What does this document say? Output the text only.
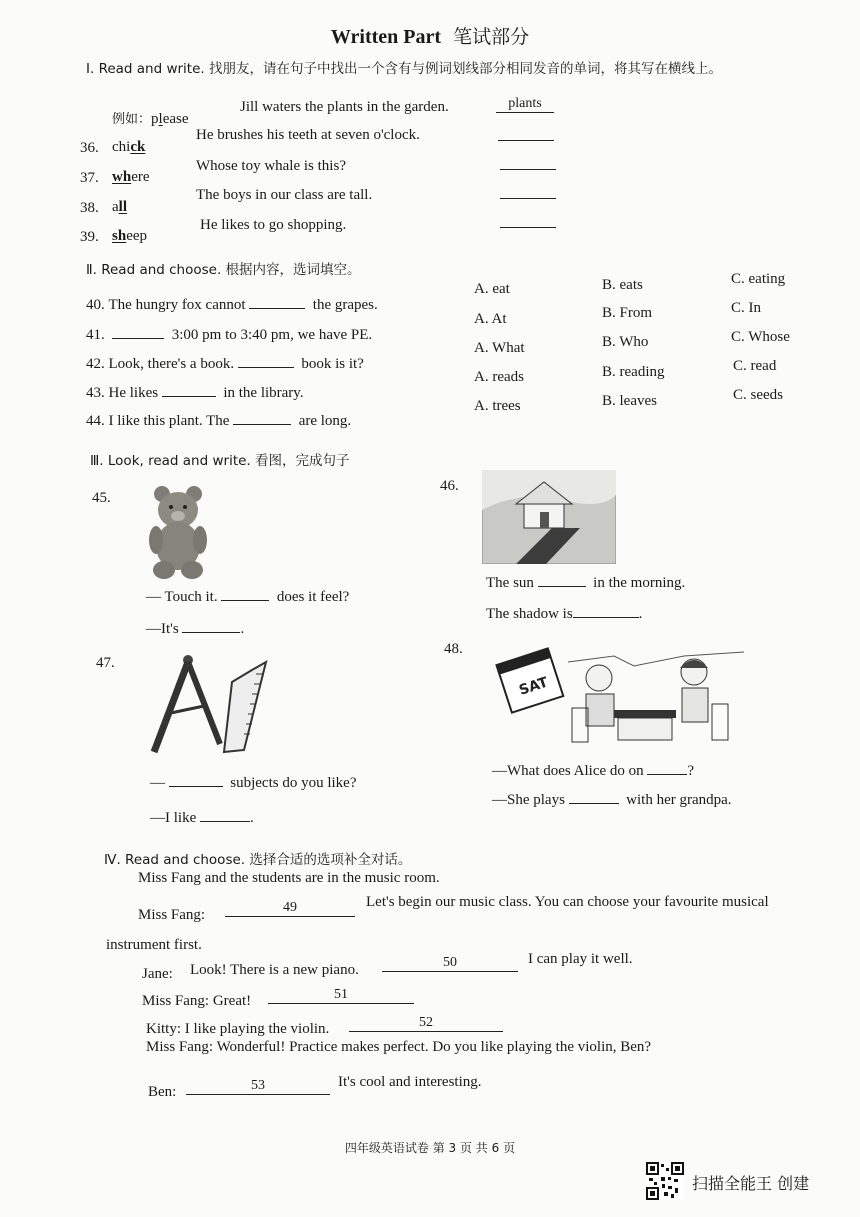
Written Part 笔试部分
Ⅰ. Read and write. 找朋友，请在句子中找出一个含有与例词划线部分相同发音的单词，将其写在横线上。
例如：please
Jill waters the plants in the garden.	plants
36. chick
He brushes his teeth at seven o'clock.
37. where
Whose toy whale is this?
38. all
The boys in our class are tall.
39. sheep
He likes to go shopping.
Ⅱ. Read and choose. 根据内容，选词填空。
40. The hungry fox cannot	the grapes.
A. eat	B. eats	C. eating
41.	3:00 pm to 3:40 pm, we have PE.
A. At	B. From	C. In
42. Look, there's a book.	book is it?
A. What	B. Who	C. Whose
43. He likes	in the library.
A. reads	B. reading	C. read
44. I like this plant. The	are long.
A. trees	B. leaves	C. seeds
Ⅲ. Look, read and write. 看图，完成句子
45.
— Touch it.	does it feel?
—It's	.
46.
The sun	in the morning.
The shadow is	.
47.
—	subjects do you like?
—I like	.
48.
SAT
—What does Alice do on	?
—She plays	with her grandpa.
Ⅳ. Read and choose. 选择合适的选项补全对话。
Miss Fang and the students are in the music room.
Miss Fang:	49	Let's begin our music class. You can choose your favourite musical
instrument first.
Jane: Look! There is a new piano.	50	I can play it well.
Miss Fang: Great!	51
Kitty: I like playing the violin.	52
Miss Fang: Wonderful! Practice makes perfect. Do you like playing the violin, Ben?
Ben:	53	It's cool and interesting.
四年级英语试卷 第 3 页 共 6 页
扫描全能王 创建
